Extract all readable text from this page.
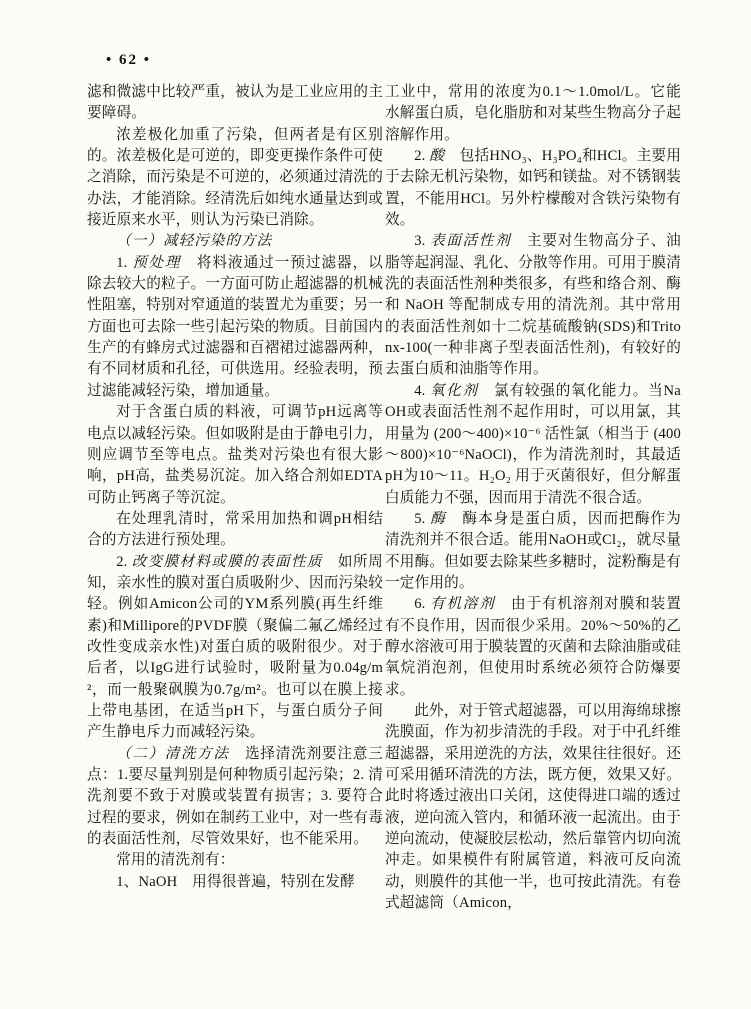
• 62 •

滤和微滤中比较严重，被认为是工业应用的主要障碍。

浓差极化加重了污染，但两者是有区别的。浓差极化是可逆的，即变更操作条件可使之消除，而污染是不可逆的，必须通过清洗的办法，才能消除。经清洗后如纯水通量达到或接近原来水平，则认为污染已消除。

（一）减轻污染的方法

1. 预处理　将料液通过一预过滤器，以除去较大的粒子。一方面可防止超滤器的机械性阻塞，特别对窄通道的装置尤为重要；另一方面也可去除一些引起污染的物质。目前国内生产的有蜂房式过滤器和百褶裙过滤器两种，有不同材质和孔径，可供选用。经验表明，预过滤能减轻污染，增加通量。

对于含蛋白质的料液，可调节pH远离等电点以减轻污染。但如吸附是由于静电引力，则应调节至等电点。盐类对污染也有很大影响，pH高，盐类易沉淀。加入络合剂如EDTA可防止钙离子等沉淀。

在处理乳清时，常采用加热和调pH相结合的方法进行预处理。

2. 改变膜材料或膜的表面性质　如所周知，亲水性的膜对蛋白质吸附少、因而污染较轻。例如Amicon公司的YM系列膜(再生纤维素)和Millipore的PVDF膜（聚偏二氟乙烯经过改性变成亲水性)对蛋白质的吸附很少。对于后者，以IgG进行试验时，吸附量为0.04g/m²，而一般聚砜膜为0.7g/m²。也可以在膜上接上带电基团，在适当pH下，与蛋白质分子间产生静电斥力而减轻污染。

（二）清洗方法　选择清洗剂要注意三点：1.要尽量判别是何种物质引起污染；2. 清洗剂要不致于对膜或装置有损害；3. 要符合过程的要求，例如在制药工业中，对一些有毒的表面活性剂，尽管效果好，也不能采用。

常用的清洗剂有：

1、NaOH　用得很普遍，特别在发酵

工业中，常用的浓度为0.1～1.0mol/L。它能水解蛋白质，皂化脂肪和对某些生物高分子起溶解作用。

2. 酸　包括HNO₃、H₃PO₄和HCl。主要用于去除无机污染物，如钙和镁盐。对不锈钢装置，不能用HCl。另外柠檬酸对含铁污染物有效。

3. 表面活性剂　主要对生物高分子、油脂等起润湿、乳化、分散等作用。可用于膜清洗的表面活性剂种类很多，有些和络合剂、酶和 NaOH 等配制成专用的清洗剂。其中常用的表面活性剂如十二烷基硫酸钠(SDS)和Tritonx-100(一种非离子型表面活性剂)，有较好的去蛋白质和油脂等作用。

4. 氧化剂　氯有较强的氧化能力。当NaOH或表面活性剂不起作用时，可以用氯，其用量为 (200～400)×10⁻⁶ 活性氯（相当于 (400～800)×10⁻⁶NaOCl)，作为清洗剂时，其最适pH为10～11。H₂O₂ 用于灭菌很好，但分解蛋白质能力不强，因而用于清洗不很合适。

5. 酶　酶本身是蛋白质，因而把酶作为清洗剂并不很合适。能用NaOH或Cl₂，就尽量不用酶。但如要去除某些多糖时，淀粉酶是有一定作用的。

6. 有机溶剂　由于有机溶剂对膜和装置有不良作用，因而很少采用。20%～50%的乙醇水溶液可用于膜装置的灭菌和去除油脂或硅氧烷消泡剂，但使用时系统必须符合防爆要求。

此外，对于管式超滤器，可以用海绵球擦洗膜面，作为初步清洗的手段。对于中孔纤维超滤器，采用逆洗的方法，效果往往很好。还可采用循环清洗的方法，既方便，效果又好。此时将透过液出口关闭，这使得进口端的透过液，逆向流入管内，和循环液一起流出。由于逆向流动，使凝胶层松动，然后靠管内切向流冲走。如果模件有附属管道，料液可反向流动，则膜件的其他一半，也可按此清洗。有卷式超滤筒（Amicon，
